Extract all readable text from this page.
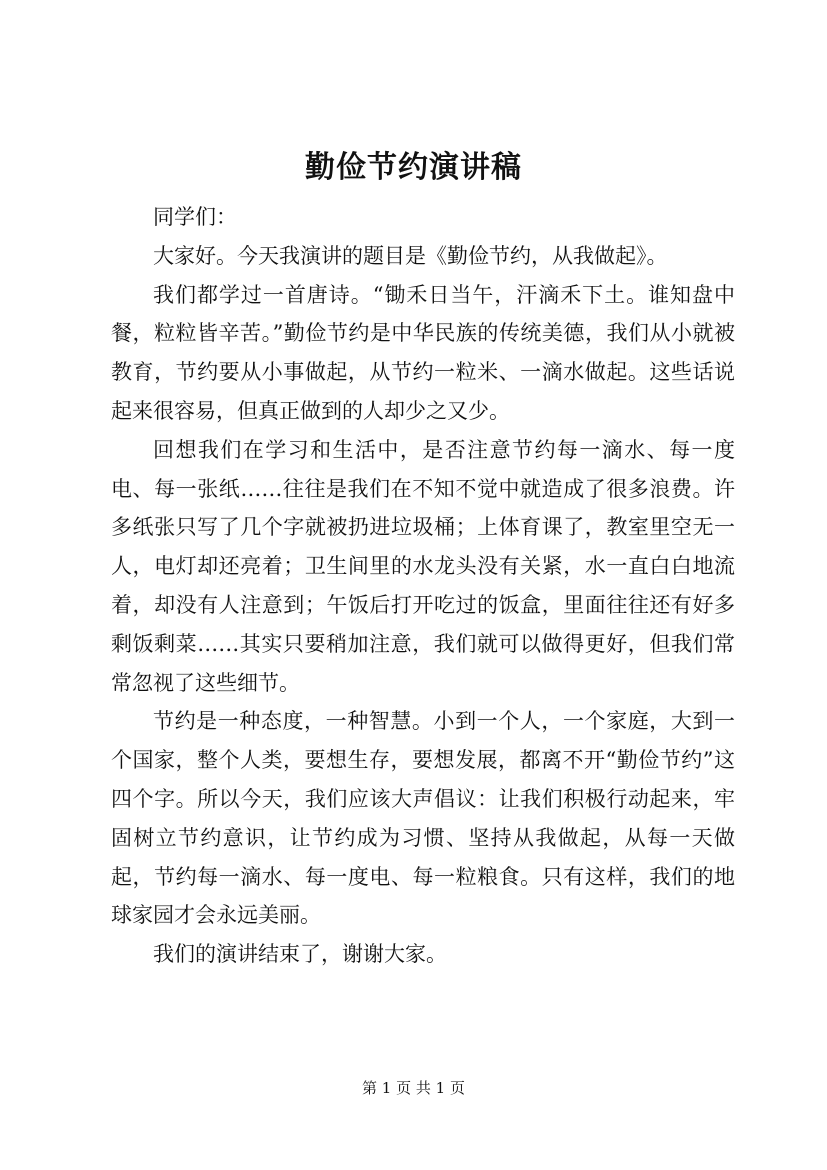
勤俭节约演讲稿

同学们：

大家好。今天我演讲的题目是《勤俭节约，从我做起》。

我们都学过一首唐诗。“锄禾日当午，汗滴禾下土。谁知盘中餐，粒粒皆辛苦。”勤俭节约是中华民族的传统美德，我们从小就被教育，节约要从小事做起，从节约一粒米、一滴水做起。这些话说起来很容易，但真正做到的人却少之又少。

回想我们在学习和生活中，是否注意节约每一滴水、每一度电、每一张纸……往往是我们在不知不觉中就造成了很多浪费。许多纸张只写了几个字就被扔进垃圾桶；上体育课了，教室里空无一人，电灯却还亮着；卫生间里的水龙头没有关紧，水一直白白地流着，却没有人注意到；午饭后打开吃过的饭盒，里面往往还有好多剩饭剩菜……其实只要稍加注意，我们就可以做得更好，但我们常常忽视了这些细节。

节约是一种态度，一种智慧。小到一个人，一个家庭，大到一个国家，整个人类，要想生存，要想发展，都离不开“勤俭节约”这四个字。所以今天，我们应该大声倡议：让我们积极行动起来，牢固树立节约意识，让节约成为习惯、坚持从我做起，从每一天做起，节约每一滴水、每一度电、每一粒粮食。只有这样，我们的地球家园才会永远美丽。

我们的演讲结束了，谢谢大家。

第 1 页 共 1 页
